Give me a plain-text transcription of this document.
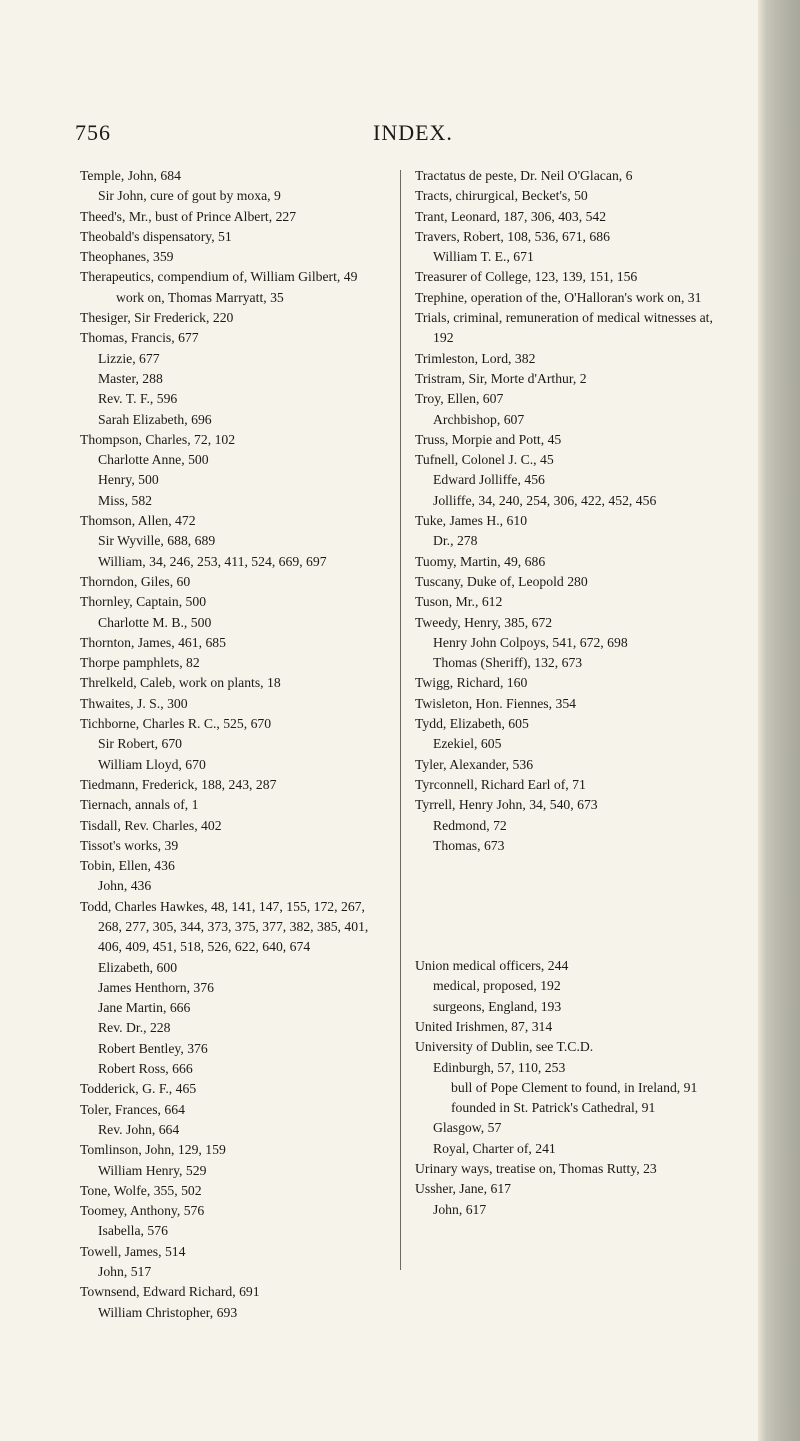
756	INDEX.
Temple, John, 684
Sir John, cure of gout by moxa, 9
Theed's, Mr., bust of Prince Albert, 227
Theobald's dispensatory, 51
Theophanes, 359
Therapeutics, compendium of, William Gilbert, 49
work on, Thomas Marryatt, 35
Thesiger, Sir Frederick, 220
Thomas, Francis, 677
Lizzie, 677
Master, 288
Rev. T. F., 596
Sarah Elizabeth, 696
Thompson, Charles, 72, 102
Charlotte Anne, 500
Henry, 500
Miss, 582
Thomson, Allen, 472
Sir Wyville, 688, 689
William, 34, 246, 253, 411, 524, 669, 697
Thorndon, Giles, 60
Thornley, Captain, 500
Charlotte M. B., 500
Thornton, James, 461, 685
Thorpe pamphlets, 82
Threlkeld, Caleb, work on plants, 18
Thwaites, J. S., 300
Tichborne, Charles R. C., 525, 670
Sir Robert, 670
William Lloyd, 670
Tiedmann, Frederick, 188, 243, 287
Tiernach, annals of, 1
Tisdall, Rev. Charles, 402
Tissot's works, 39
Tobin, Ellen, 436
John, 436
Todd, Charles Hawkes, 48, 141, 147, 155, 172, 267, 268, 277, 305, 344, 373, 375, 377, 382, 385, 401, 406, 409, 451, 518, 526, 622, 640, 674
Elizabeth, 600
James Henthorn, 376
Jane Martin, 666
Rev. Dr., 228
Robert Bentley, 376
Robert Ross, 666
Todderick, G. F., 465
Toler, Frances, 664
Rev. John, 664
Tomlinson, John, 129, 159
William Henry, 529
Tone, Wolfe, 355, 502
Toomey, Anthony, 576
Isabella, 576
Towell, James, 514
John, 517
Townsend, Edward Richard, 691
William Christopher, 693
Tractatus de peste, Dr. Neil O'Glacan, 6
Tracts, chirurgical, Becket's, 50
Trant, Leonard, 187, 306, 403, 542
Travers, Robert, 108, 536, 671, 686
William T. E., 671
Treasurer of College, 123, 139, 151, 156
Trephine, operation of the, O'Halloran's work on, 31
Trials, criminal, remuneration of medical witnesses at, 192
Trimleston, Lord, 382
Tristram, Sir, Morte d'Arthur, 2
Troy, Ellen, 607
Archbishop, 607
Truss, Morpie and Pott, 45
Tufnell, Colonel J. C., 45
Edward Jolliffe, 456
Jolliffe, 34, 240, 254, 306, 422, 452, 456
Tuke, James H., 610
Dr., 278
Tuomy, Martin, 49, 686
Tuscany, Duke of, Leopold 280
Tuson, Mr., 612
Tweedy, Henry, 385, 672
Henry John Colpoys, 541, 672, 698
Thomas (Sheriff), 132, 673
Twigg, Richard, 160
Twisleton, Hon. Fiennes, 354
Tydd, Elizabeth, 605
Ezekiel, 605
Tyler, Alexander, 536
Tyrconnell, Richard Earl of, 71
Tyrrell, Henry John, 34, 540, 673
Redmond, 72
Thomas, 673
Union medical officers, 244
medical, proposed, 192
surgeons, England, 193
United Irishmen, 87, 314
University of Dublin, see T.C.D.
Edinburgh, 57, 110, 253
bull of Pope Clement to found, in Ireland, 91
founded in St. Patrick's Cathedral, 91
Glasgow, 57
Royal, Charter of, 241
Urinary ways, treatise on, Thomas Rutty, 23
Ussher, Jane, 617
John, 617
